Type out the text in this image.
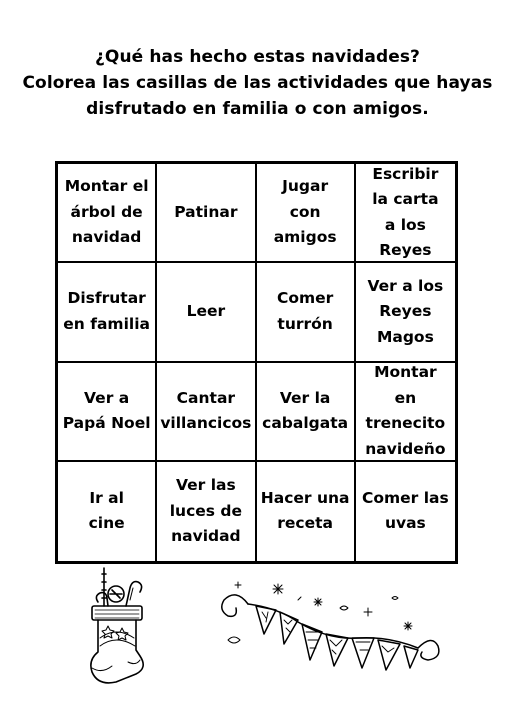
¿Qué has hecho estas navidades?
Colorea las casillas de las actividades que hayas
disfrutado en familia o con amigos.
Montar el árbol de navidad
Patinar
Jugar con amigos
Escribir la carta a los Reyes
Disfrutar en familia
Leer
Comer turrón
Ver a los Reyes Magos
Ver a Papá Noel
Cantar villancicos
Ver la cabalgata
Montar en trenecito navideño
Ir al cine
Ver las luces de navidad
Hacer una receta
Comer las uvas
